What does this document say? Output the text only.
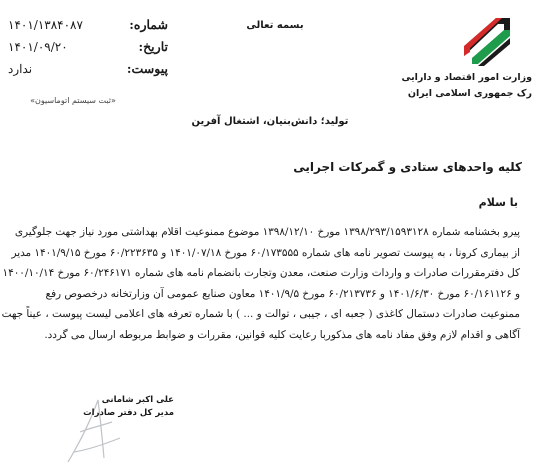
بسمه تعالی
وزارت امور اقتصاد و دارایی
رک جمهوری اسلامی ایران
شماره:
۱۴۰۱/۱۳۸۴۰۸۷
تاریخ:
۱۴۰۱/۰۹/۲۰
پیوست:
ندارد
«ثبت سیستم اتوماسیون»
تولید؛ دانش‌بنیان، اشتغال آفرین
کلیه واحدهای ستادی و گمرکات اجرایی
با سلام
پیرو بخشنامه شماره ۱۳۹۸/۲۹۳/۱۵۹۳۱۲۸ مورخ ۱۳۹۸/۱۲/۱۰ موضوع ممنوعیت اقلام بهداشتی مورد نیاز جهت جلوگیری
از بیماری کرونا ، به پیوست تصویر نامه های شماره ۶۰/۱۷۳۵۵۵ مورخ ۱۴۰۱/۰۷/۱۸ و ۶۰/۲۲۳۶۳۵ مورخ ۱۴۰۱/۹/۱۵ مدیر
کل دفترمقررات صادرات و واردات وزارت صنعت، معدن وتجارت بانضمام نامه های شماره ۶۰/۲۴۶۱۷۱ مورخ ۱۴۰۰/۱۰/۱۴
و ۶۰/۱۶۱۱۲۶ مورخ ۱۴۰۱/۶/۳۰ و ۶۰/۲۱۳۷۳۶ مورخ ۱۴۰۱/۹/۵ معاون صنایع عمومی آن وزارتخانه درخصوص رفع
ممنوعیت صادرات دستمال کاغذی ( جعبه ای ، جیبی ، توالت و ... ) با شماره تعرفه های اعلامی لیست پیوست ، عیناً جهت
آگاهی و اقدام لازم وفق مفاد نامه های مذکوربا رعایت کلیه قوانین، مقررات و ضوابط مربوطه ارسال می گردد.
علی اکبر شامانی
مدیر کل دفتر صادرات
